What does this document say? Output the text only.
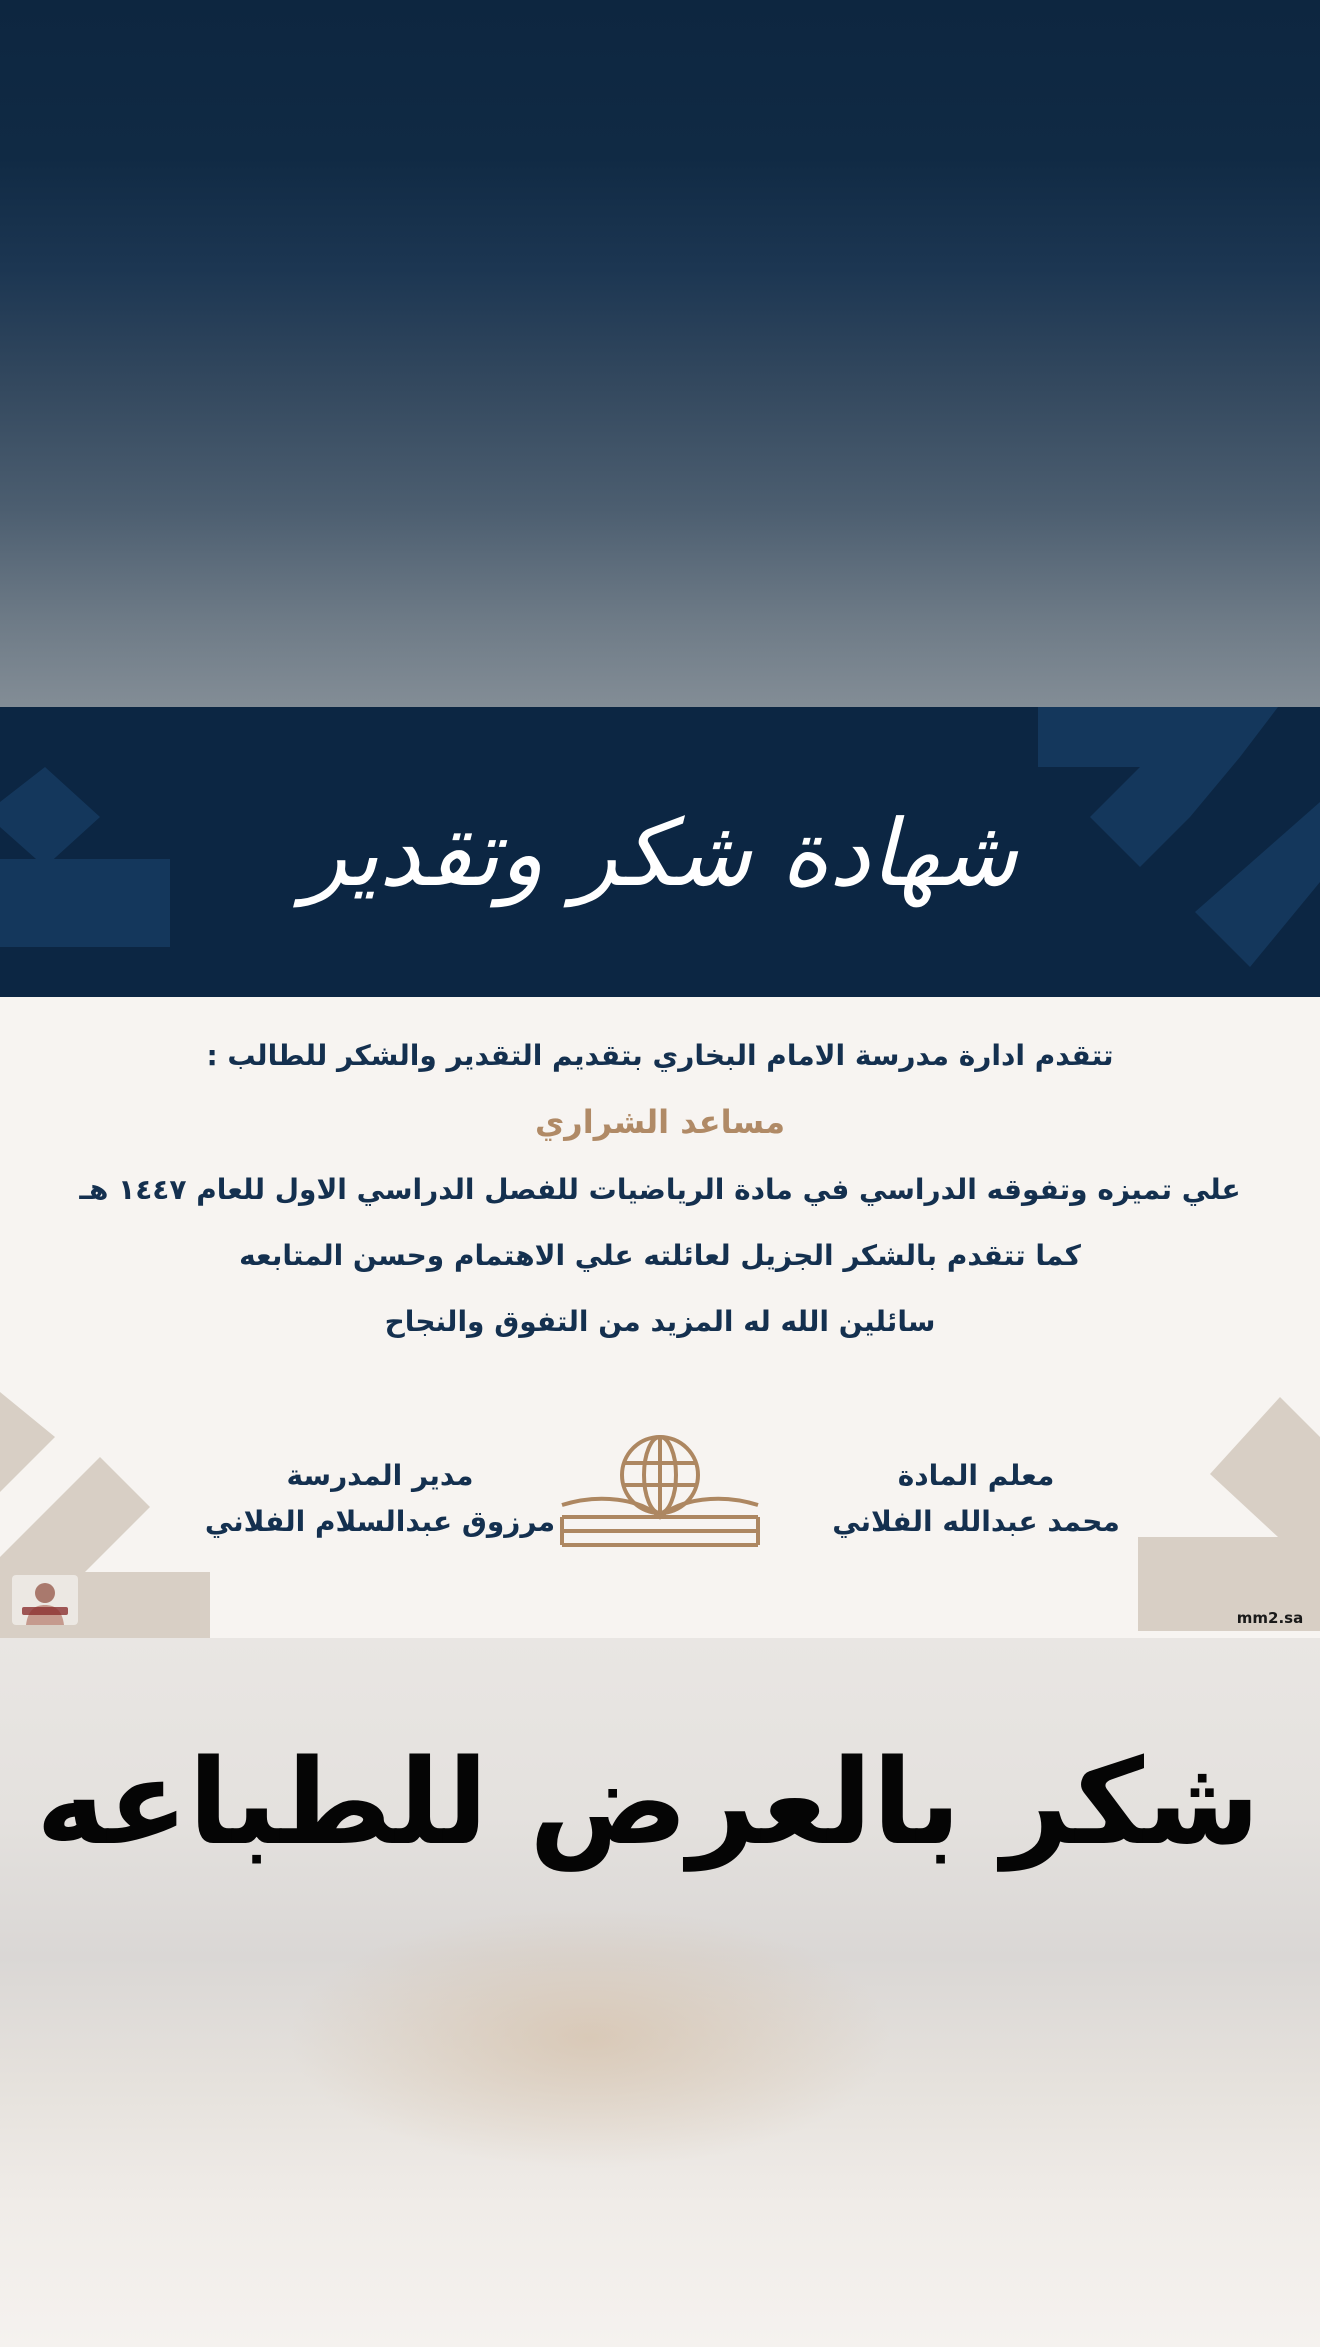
شهادة شكر وتقدير
تتقدم ادارة مدرسة الامام البخاري بتقديم التقدير والشكر للطالب :
مساعد الشراري
علي تميزه وتفوقه الدراسي في مادة الرياضيات للفصل الدراسي الاول للعام ١٤٤٧ هـ
كما تتقدم بالشكر الجزيل لعائلته علي الاهتمام وحسن المتابعه
سائلين الله له المزيد من التفوق والنجاح
معلم المادة
محمد عبدالله الفلاني
مدير المدرسة
مرزوق عبدالسلام الفلاني
mm2.sa
شكر بالعرض للطباعه
